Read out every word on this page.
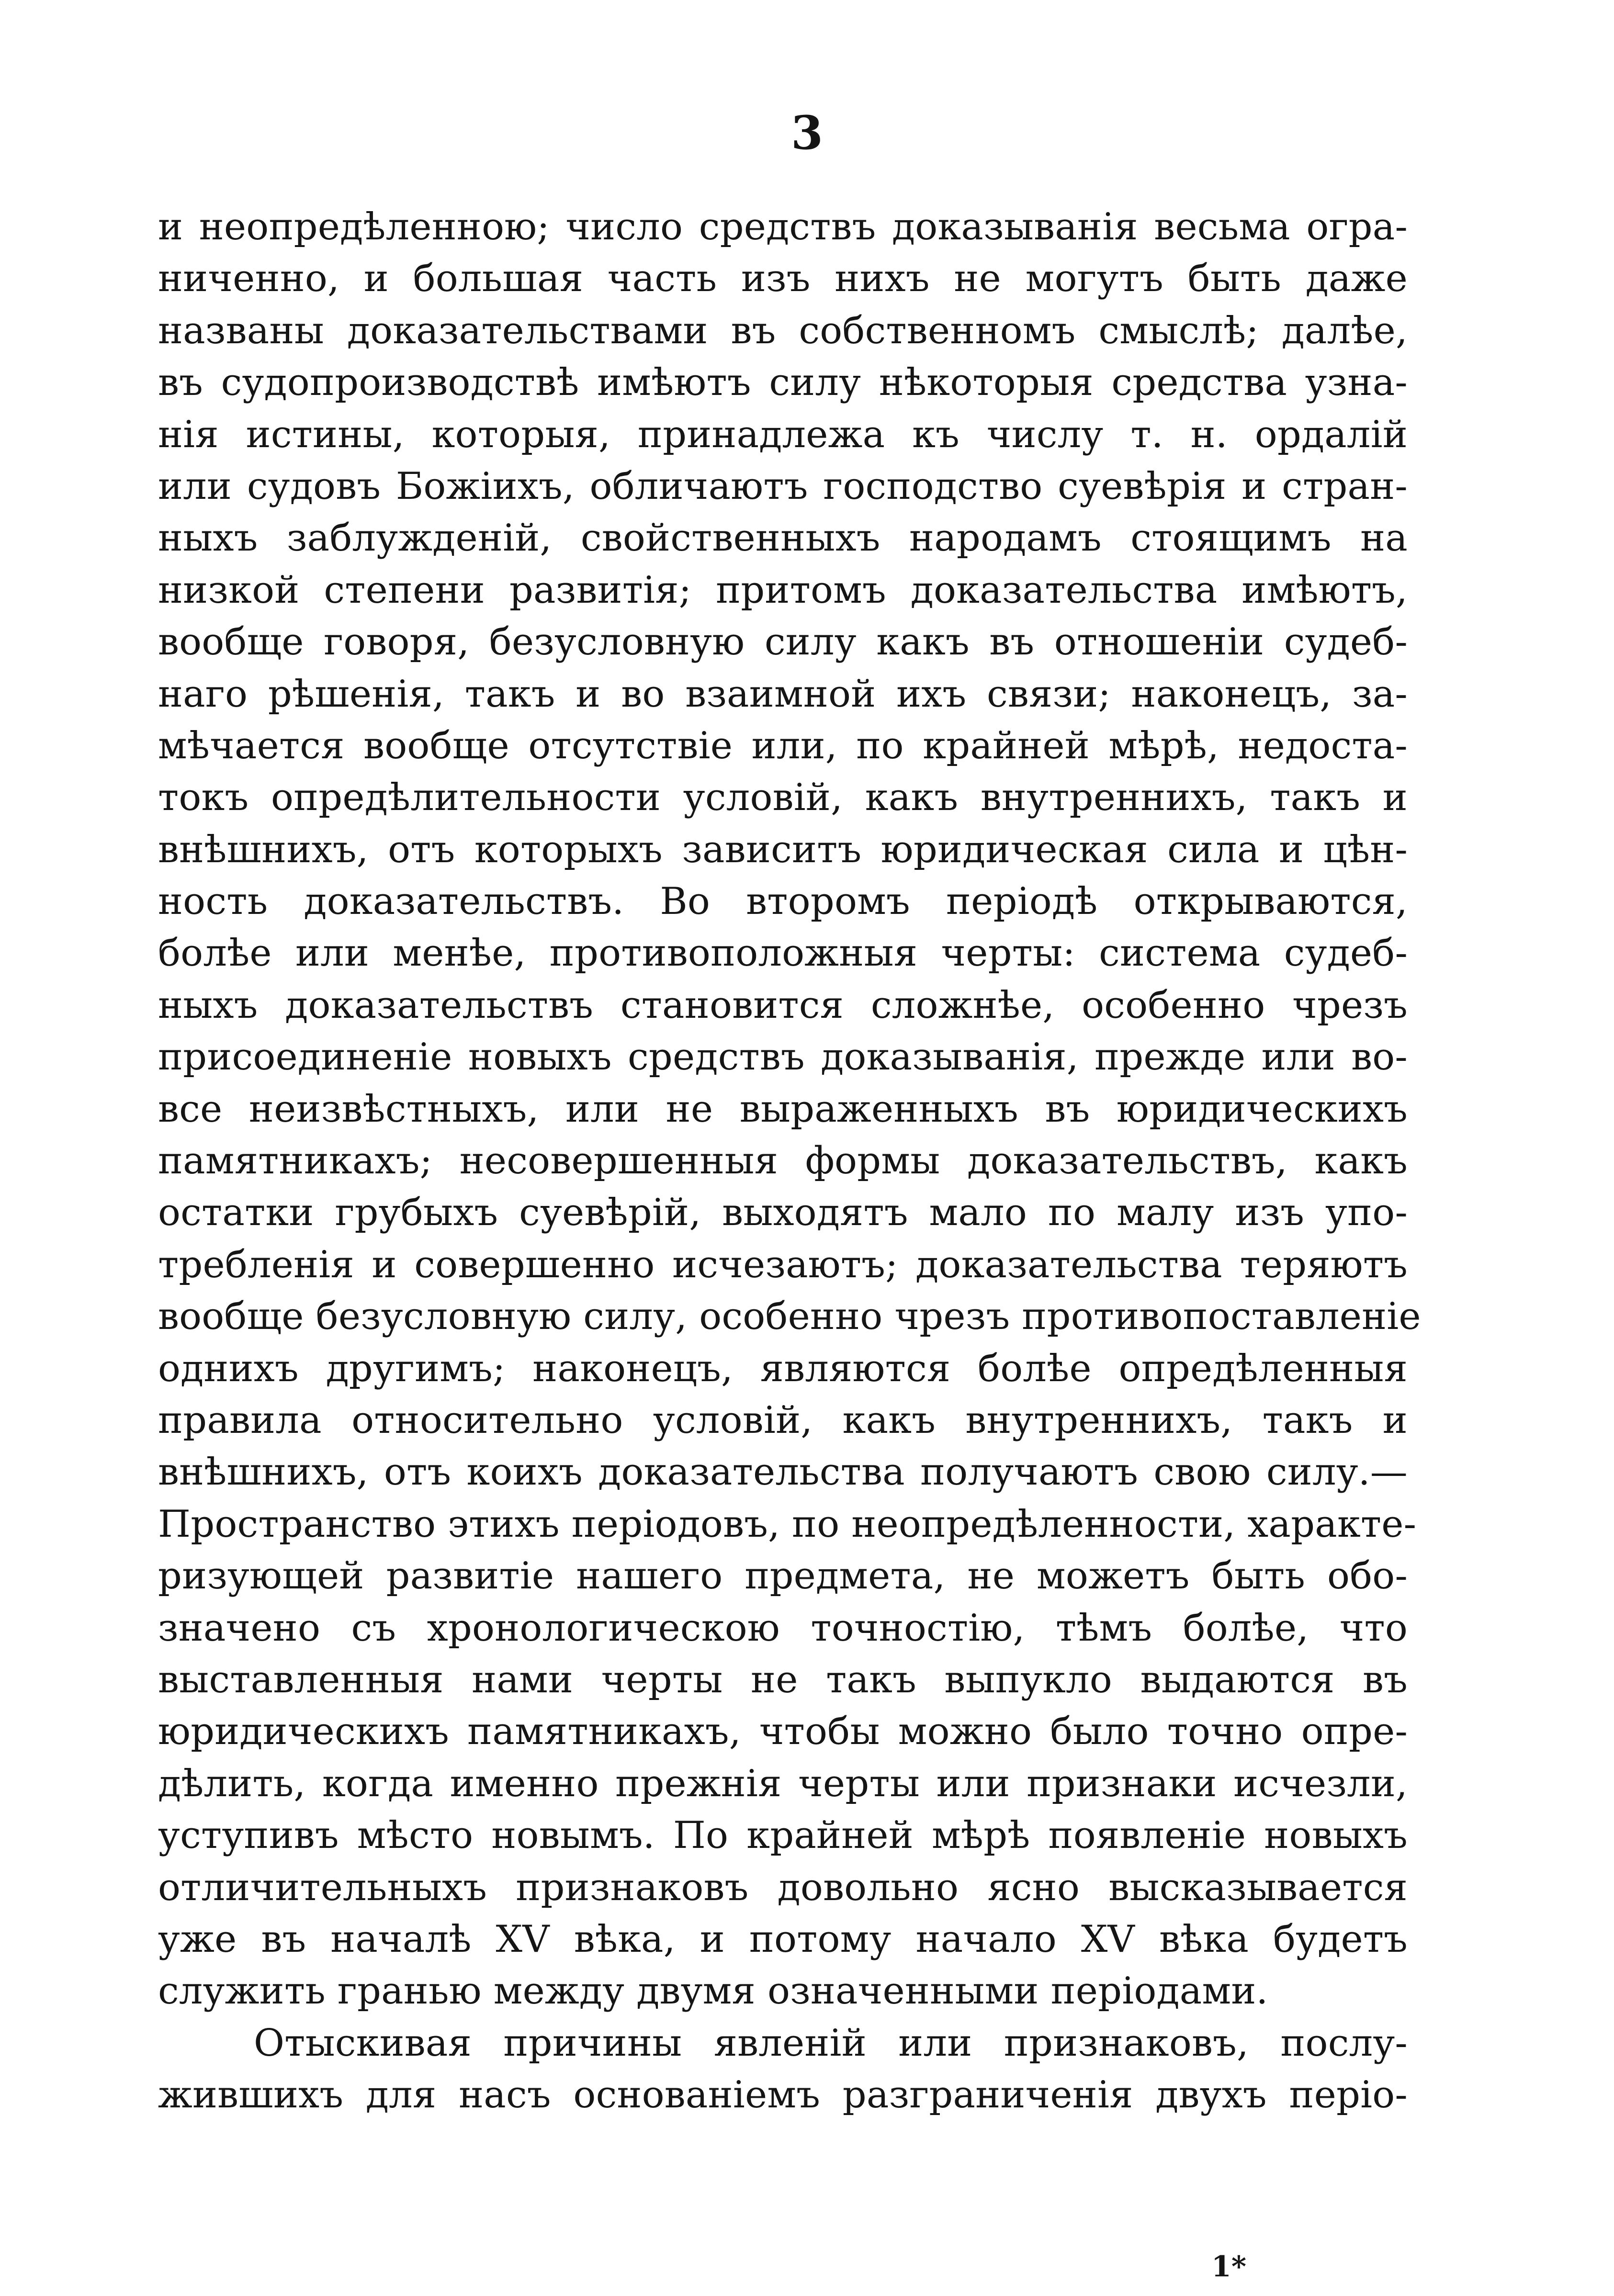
3
и неопредѣленною; число средствъ доказыванія весьма огра-
ниченно, и большая часть изъ нихъ не могутъ быть даже
названы доказательствами въ собственномъ смыслѣ; далѣе,
въ судопроизводствѣ имѣютъ силу нѣкоторыя средства узна-
нія истины, которыя, принадлежа къ числу т. н. ордалій
или судовъ Божіихъ, обличаютъ господство суевѣрія и стран-
ныхъ заблужденій, свойственныхъ народамъ стоящимъ на
низкой степени развитія; притомъ доказательства имѣютъ,
вообще говоря, безусловную силу какъ въ отношеніи судеб-
наго рѣшенія, такъ и во взаимной ихъ связи; наконецъ, за-
мѣчается вообще отсутствіе или, по крайней мѣрѣ, недоста-
токъ опредѣлительности условій, какъ внутреннихъ, такъ и
внѣшнихъ, отъ которыхъ зависитъ юридическая сила и цѣн-
ность доказательствъ. Во второмъ періодѣ открываются,
болѣе или менѣе, противоположныя черты: система судеб-
ныхъ доказательствъ становится сложнѣе, особенно чрезъ
присоединеніе новыхъ средствъ доказыванія, прежде или во-
все неизвѣстныхъ, или не выраженныхъ въ юридическихъ
памятникахъ; несовершенныя формы доказательствъ, какъ
остатки грубыхъ суевѣрій, выходятъ мало по малу изъ упо-
требленія и совершенно исчезаютъ; доказательства теряютъ
вообще безусловную силу, особенно чрезъ противопоставленіе
однихъ другимъ; наконецъ, являются болѣе опредѣленныя
правила относительно условій, какъ внутреннихъ, такъ и
внѣшнихъ, отъ коихъ доказательства получаютъ свою силу.—
Пространство этихъ періодовъ, по неопредѣленности, характе-
ризующей развитіе нашего предмета, не можетъ быть обо-
значено съ хронологическою точностію, тѣмъ болѣе, что
выставленныя нами черты не такъ выпукло выдаются въ
юридическихъ памятникахъ, чтобы можно было точно опре-
дѣлить, когда именно прежнія черты или признаки исчезли,
уступивъ мѣсто новымъ. По крайней мѣрѣ появленіе новыхъ
отличительныхъ признаковъ довольно ясно высказывается
уже въ началѣ XV вѣка, и потому начало XV вѣка будетъ
служить гранью между двумя означенными періодами.
Отыскивая причины явленій или признаковъ, послу-
жившихъ для насъ основаніемъ разграниченія двухъ періо-
1*
